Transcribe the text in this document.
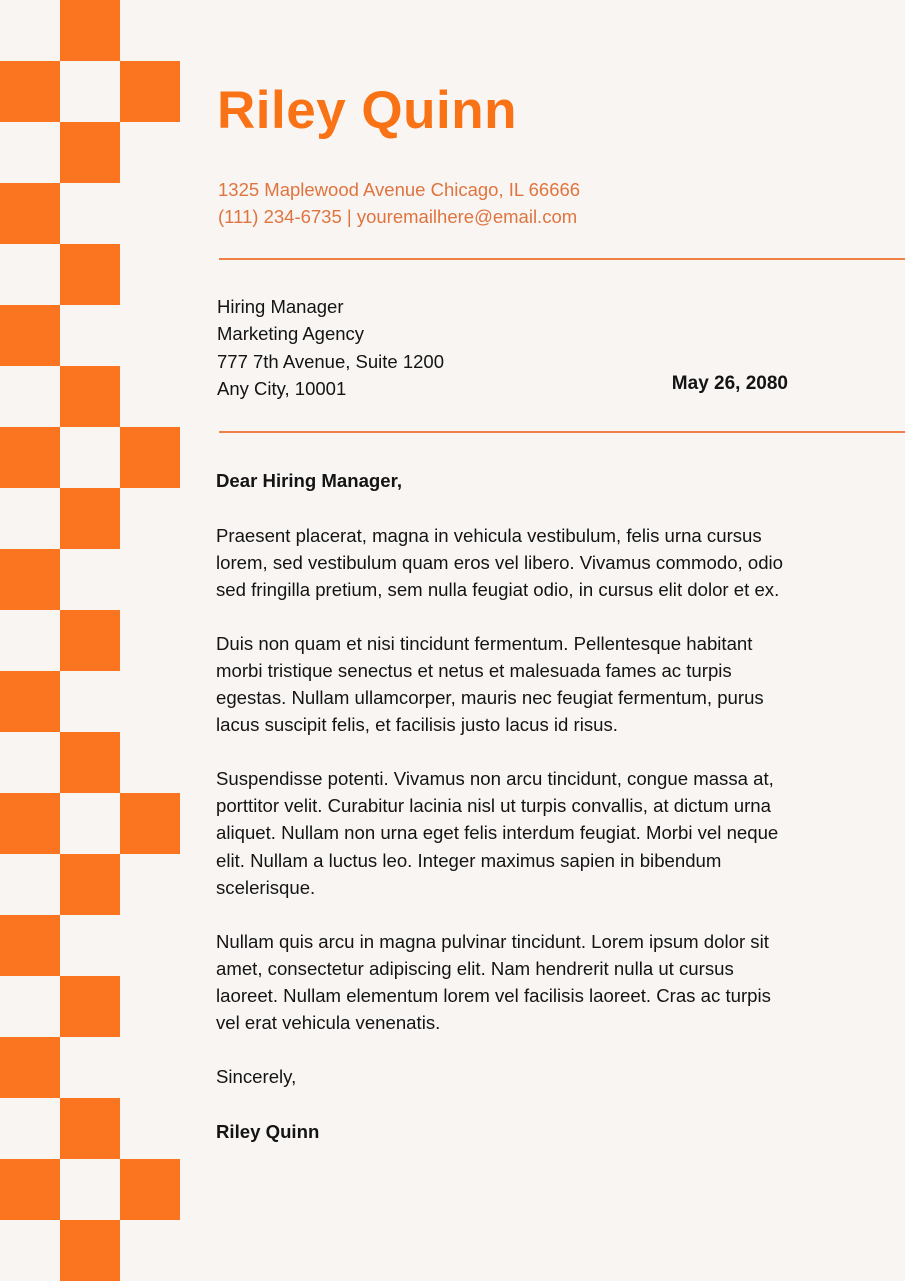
Riley Quinn
1325 Maplewood Avenue Chicago, IL 66666
(111) 234-6735 | youremailhere@email.com
Hiring Manager
Marketing Agency
777 7th Avenue, Suite 1200
Any City, 10001	May 26, 2080

Dear Hiring Manager,

Praesent placerat, magna in vehicula vestibulum, felis urna cursus lorem, sed vestibulum quam eros vel libero. Vivamus commodo, odio sed fringilla pretium, sem nulla feugiat odio, in cursus elit dolor et ex.

Duis non quam et nisi tincidunt fermentum. Pellentesque habitant morbi tristique senectus et netus et malesuada fames ac turpis egestas. Nullam ullamcorper, mauris nec feugiat fermentum, purus lacus suscipit felis, et facilisis justo lacus id risus.

Suspendisse potenti. Vivamus non arcu tincidunt, congue massa at, porttitor velit. Curabitur lacinia nisl ut turpis convallis, at dictum urna aliquet. Nullam non urna eget felis interdum feugiat. Morbi vel neque elit. Nullam a luctus leo. Integer maximus sapien in bibendum scelerisque.

Nullam quis arcu in magna pulvinar tincidunt. Lorem ipsum dolor sit amet, consectetur adipiscing elit. Nam hendrerit nulla ut cursus laoreet. Nullam elementum lorem vel facilisis laoreet. Cras ac turpis vel erat vehicula venenatis.

Sincerely,

Riley Quinn
